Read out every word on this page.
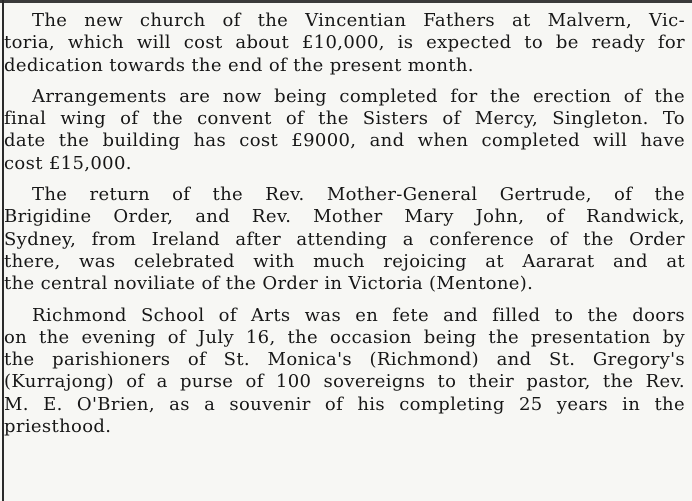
The new church of the Vincentian Fathers at Malvern, Vic-
toria, which will cost about £10,000, is expected to be ready for
dedication towards the end of the present month.

Arrangements are now being completed for the erection of the
final wing of the convent of the Sisters of Mercy, Singleton. To
date the building has cost £9000, and when completed will have
cost £15,000.

The return of the Rev. Mother-General Gertrude, of the
Brigidine Order, and Rev. Mother Mary John, of Randwick,
Sydney, from Ireland after attending a conference of the Order
there, was celebrated with much rejoicing at Aararat and at
the central noviliate of the Order in Victoria (Mentone).

Richmond School of Arts was en fete and filled to the doors
on the evening of July 16, the occasion being the presentation by
the parishioners of St. Monica's (Richmond) and St. Gregory's
(Kurrajong) of a purse of 100 sovereigns to their pastor, the Rev.
M. E. O'Brien, as a souvenir of his completing 25 years in the
priesthood.
